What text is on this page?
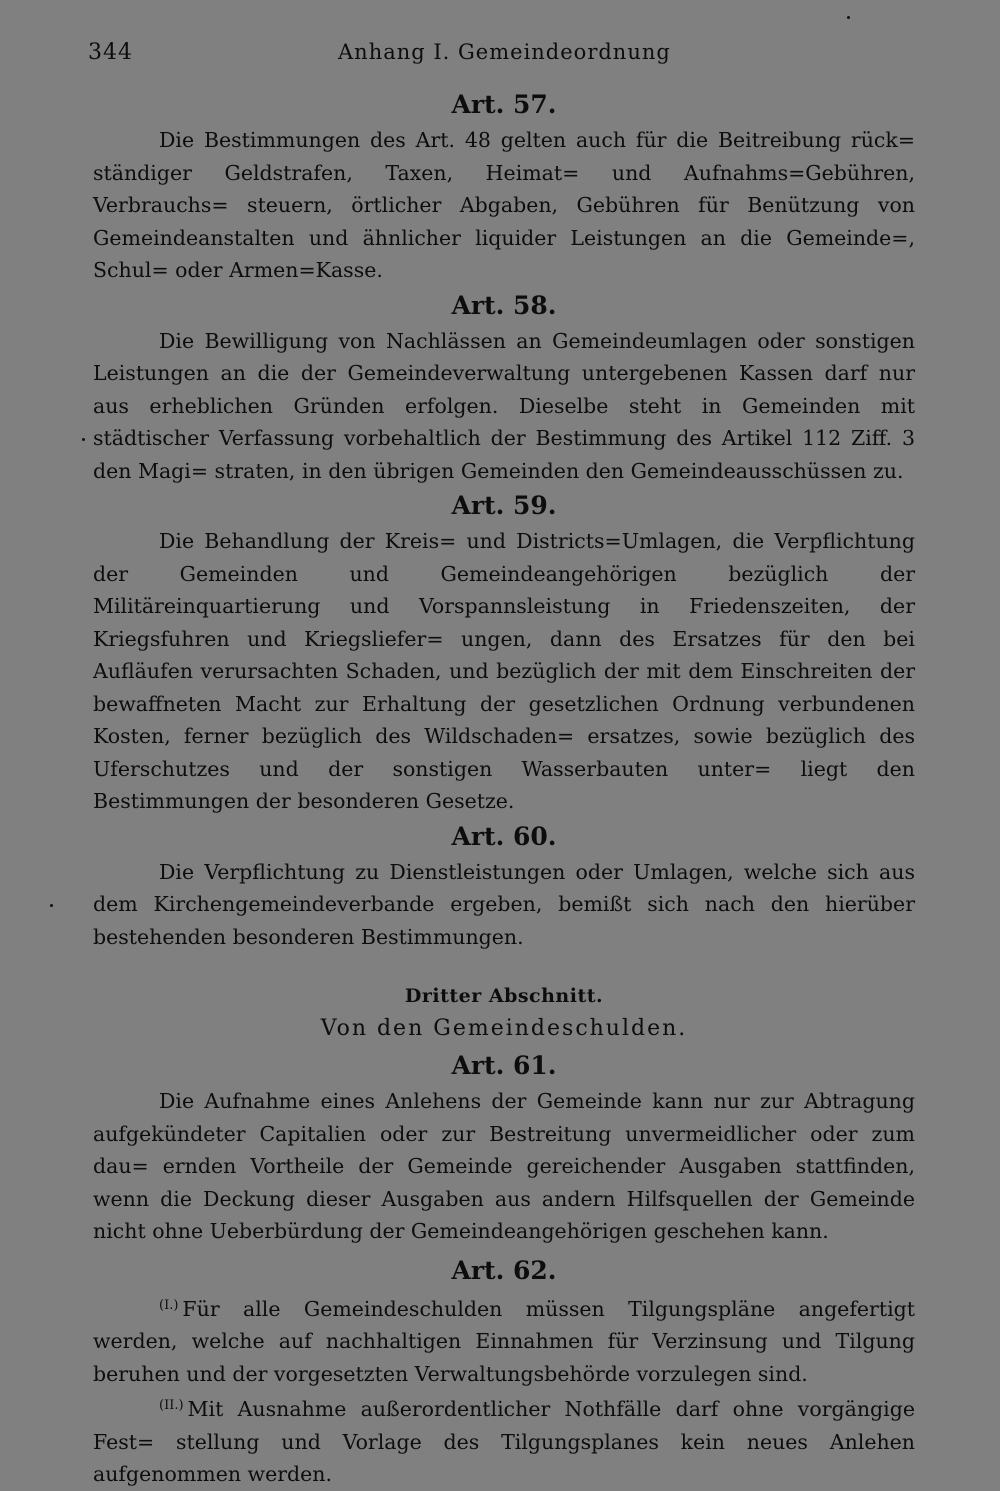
344	Anhang I. Gemeindeordnung
Art. 57.

Die Bestimmungen des Art. 48 gelten auch für die Beitreibung rück= ständiger Geldstrafen, Taxen, Heimat= und Aufnahms=Gebühren, Verbrauchs= steuern, örtlicher Abgaben, Gebühren für Benützung von Gemeindeanstalten und ähnlicher liquider Leistungen an die Gemeinde=, Schul= oder Armen=Kasse.

Art. 58.

Die Bewilligung von Nachlässen an Gemeindeumlagen oder sonstigen Leistungen an die der Gemeindeverwaltung untergebenen Kassen darf nur aus erheblichen Gründen erfolgen. Dieselbe steht in Gemeinden mit städtischer Verfassung vorbehaltlich der Bestimmung des Artikel 112 Ziff. 3 den Magi= straten, in den übrigen Gemeinden den Gemeindeausschüssen zu.

Art. 59.

Die Behandlung der Kreis= und Districts=Umlagen, die Verpflichtung der Gemeinden und Gemeindeangehörigen bezüglich der Militäreinquartierung und Vorspannsleistung in Friedenszeiten, der Kriegsfuhren und Kriegsliefer= ungen, dann des Ersatzes für den bei Aufläufen verursachten Schaden, und bezüglich der mit dem Einschreiten der bewaffneten Macht zur Erhaltung der gesetzlichen Ordnung verbundenen Kosten, ferner bezüglich des Wildschaden= ersatzes, sowie bezüglich des Uferschutzes und der sonstigen Wasserbauten unter= liegt den Bestimmungen der besonderen Gesetze.

Art. 60.

Die Verpflichtung zu Dienstleistungen oder Umlagen, welche sich aus dem Kirchengemeindeverbande ergeben, bemißt sich nach den hierüber bestehenden besonderen Bestimmungen.

Dritter Abschnitt.
Von den Gemeindeschulden.
Art. 61.

Die Aufnahme eines Anlehens der Gemeinde kann nur zur Abtragung aufgekündeter Capitalien oder zur Bestreitung unvermeidlicher oder zum dau= ernden Vortheile der Gemeinde gereichender Ausgaben stattfinden, wenn die Deckung dieser Ausgaben aus andern Hilfsquellen der Gemeinde nicht ohne Ueberbürdung der Gemeindeangehörigen geschehen kann.

Art. 62.

$^{(I.)}$ Für alle Gemeindeschulden müssen Tilgungspläne angefertigt werden, welche auf nachhaltigen Einnahmen für Verzinsung und Tilgung beruhen und der vorgesetzten Verwaltungsbehörde vorzulegen sind.

$^{(II.)}$ Mit Ausnahme außerordentlicher Nothfälle darf ohne vorgängige Fest= stellung und Vorlage des Tilgungsplanes kein neues Anlehen aufgenommen werden.
